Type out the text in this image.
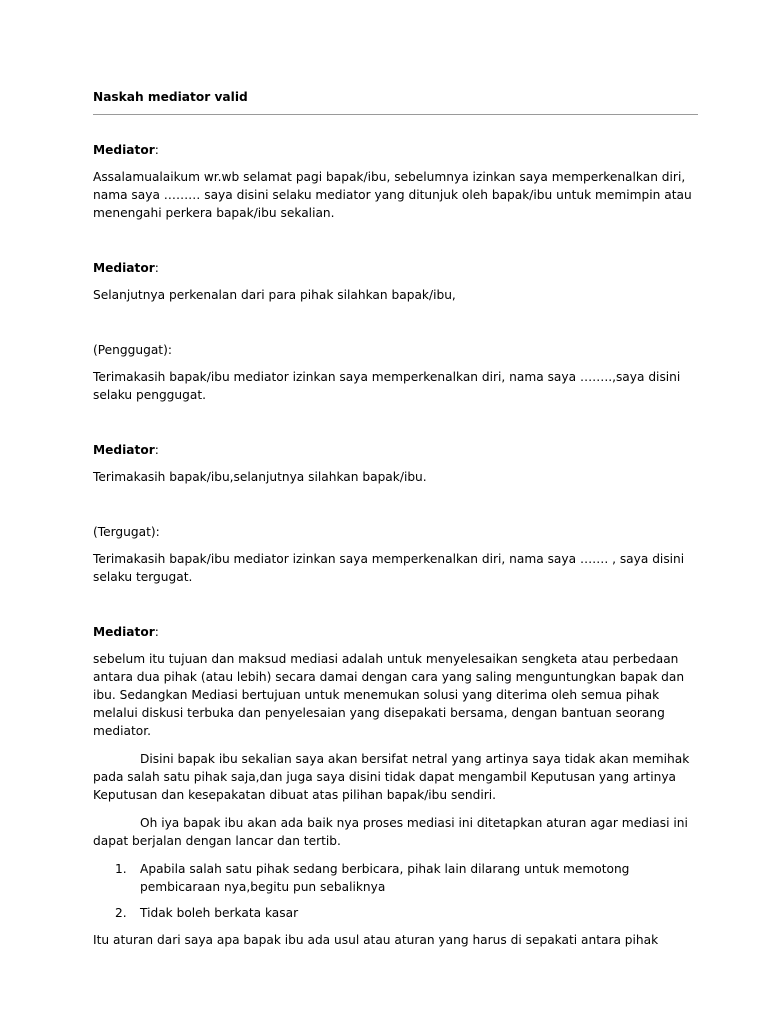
Naskah mediator valid
Mediator:

Assalamualaikum wr.wb selamat pagi bapak/ibu, sebelumnya izinkan saya memperkenalkan diri, nama saya ……… saya disini selaku mediator yang ditunjuk oleh bapak/ibu untuk memimpin atau menengahi perkera bapak/ibu sekalian.

Mediator:

Selanjutnya perkenalan dari para pihak silahkan bapak/ibu,

(Penggugat):

Terimakasih bapak/ibu mediator izinkan saya memperkenalkan diri, nama saya ……..,saya disini selaku penggugat.

Mediator:

Terimakasih bapak/ibu,selanjutnya silahkan bapak/ibu.

(Tergugat):

Terimakasih bapak/ibu mediator izinkan saya memperkenalkan diri, nama saya ……. , saya disini selaku tergugat.

Mediator:

sebelum itu tujuan dan maksud mediasi adalah untuk menyelesaikan sengketa atau perbedaan antara dua pihak (atau lebih) secara damai dengan cara yang saling menguntungkan bapak dan ibu. Sedangkan Mediasi bertujuan untuk menemukan solusi yang diterima oleh semua pihak melalui diskusi terbuka dan penyelesaian yang disepakati bersama, dengan bantuan seorang mediator.

Disini bapak ibu sekalian saya akan bersifat netral yang artinya saya tidak akan memihak pada salah satu pihak saja,dan juga saya disini tidak dapat mengambil Keputusan yang artinya Keputusan dan kesepakatan dibuat atas pilihan bapak/ibu sendiri.

Oh iya bapak ibu akan ada baik nya proses mediasi ini ditetapkan aturan agar mediasi ini dapat berjalan dengan lancar dan tertib.

1. Apabila salah satu pihak sedang berbicara, pihak lain dilarang untuk memotong pembicaraan nya,begitu pun sebaliknya
2. Tidak boleh berkata kasar

Itu aturan dari saya apa bapak ibu ada usul atau aturan yang harus di sepakati antara pihak
